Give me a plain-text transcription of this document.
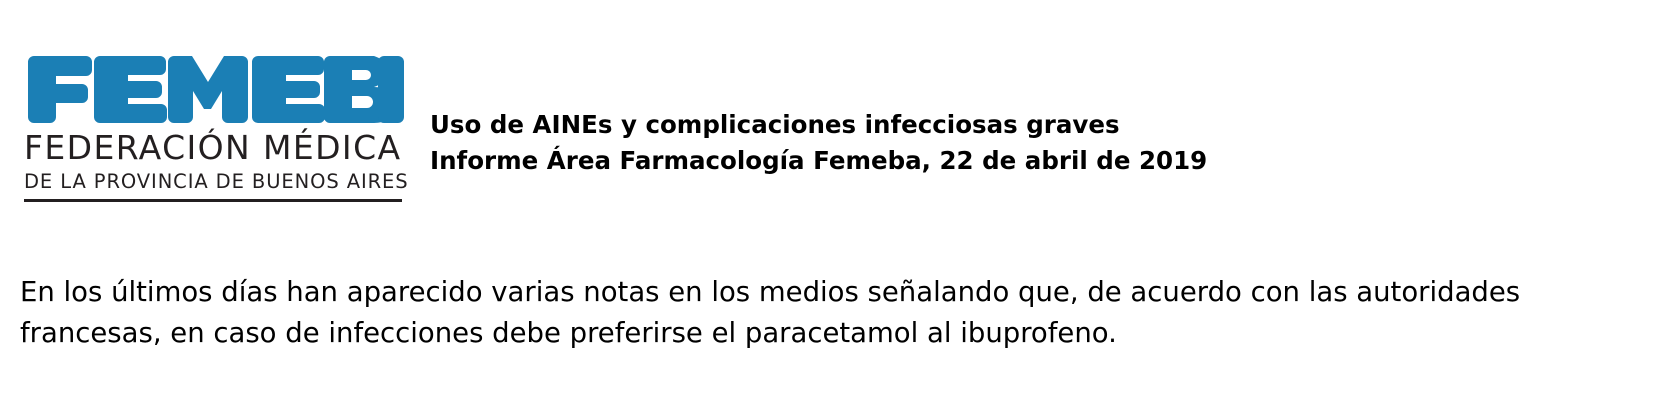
FEDERACIÓN MÉDICA
DE LA PROVINCIA DE BUENOS AIRES
Uso de AINEs y complicaciones infecciosas graves
Informe Área Farmacología Femeba, 22 de abril de 2019
En los últimos días han aparecido varias notas en los medios señalando que, de acuerdo con las autoridades
francesas, en caso de infecciones debe preferirse el paracetamol al ibuprofeno.
